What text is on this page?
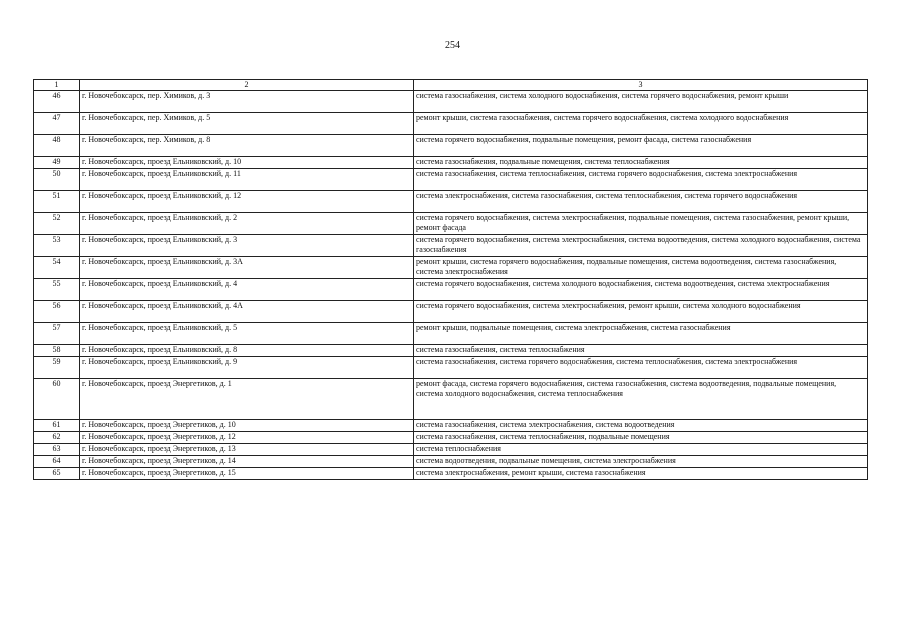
254
1	2	3
46	г. Новочебоксарск, пер. Химиков, д. 3	система газоснабжения, система холодного водоснабжения, система горячего водоснабжения, ремонт крыши
47	г. Новочебоксарск, пер. Химиков, д. 5	ремонт крыши, система газоснабжения, система горячего водоснабжения, система холодного водоснабжения
48	г. Новочебоксарск, пер. Химиков, д. 8	система горячего водоснабжения, подвальные помещения, ремонт фасада, система газоснабжения
49	г. Новочебоксарск, проезд Ельниковский, д. 10	система газоснабжения, подвальные помещения, система теплоснабжения
50	г. Новочебоксарск, проезд Ельниковский, д. 11	система газоснабжения, система теплоснабжения, система горячего водоснабжения, система электроснабжения
51	г. Новочебоксарск, проезд Ельниковский, д. 12	система электроснабжения, система газоснабжения, система теплоснабжения, система горячего водоснабжения
52	г. Новочебоксарск, проезд Ельниковский, д. 2	система горячего водоснабжения, система электроснабжения, подвальные помещения, система газоснабжения, ремонт крыши, ремонт фасада
53	г. Новочебоксарск, проезд Ельниковский, д. 3	система горячего водоснабжения, система электроснабжения, система водоотведения, система холодного водоснабжения, система газоснабжения
54	г. Новочебоксарск, проезд Ельниковский, д. 3А	ремонт крыши, система горячего водоснабжения, подвальные помещения, система водоотведения, система газоснабжения, система электроснабжения
55	г. Новочебоксарск, проезд Ельниковский, д. 4	система горячего водоснабжения, система холодного водоснабжения, система водоотведения, система электроснабжения
56	г. Новочебоксарск, проезд Ельниковский, д. 4А	система горячего водоснабжения, система электроснабжения, ремонт крыши, система холодного водоснабжения
57	г. Новочебоксарск, проезд Ельниковский, д. 5	ремонт крыши, подвальные помещения, система электроснабжения, система газоснабжения
58	г. Новочебоксарск, проезд Ельниковский, д. 8	система газоснабжения, система теплоснабжения
59	г. Новочебоксарск, проезд Ельниковский, д. 9	система газоснабжения, система горячего водоснабжения, система теплоснабжения, система электроснабжения
60	г. Новочебоксарск, проезд Энергетиков, д. 1	ремонт фасада, система горячего водоснабжения, система газоснабжения, система водоотведения, подвальные помещения, система холодного водоснабжения, система теплоснабжения
61	г. Новочебоксарск, проезд Энергетиков, д. 10	система газоснабжения, система электроснабжения, система водоотведения
62	г. Новочебоксарск, проезд Энергетиков, д. 12	система газоснабжения, система теплоснабжения, подвальные помещения
63	г. Новочебоксарск, проезд Энергетиков, д. 13	система теплоснабжения
64	г. Новочебоксарск, проезд Энергетиков, д. 14	система водоотведения, подвальные помещения, система электроснабжения
65	г. Новочебоксарск, проезд Энергетиков, д. 15	система электроснабжения, ремонт крыши, система газоснабжения
